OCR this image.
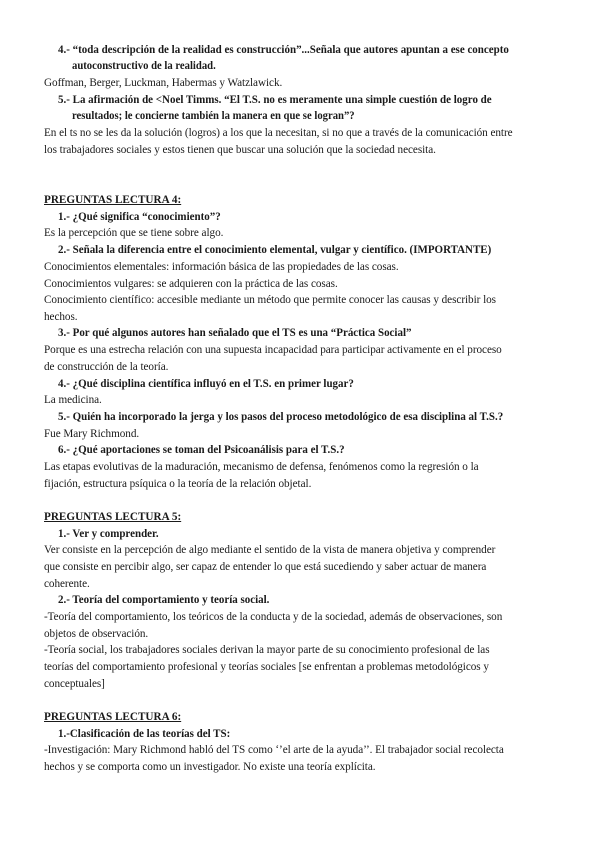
4.- “toda descripción de la realidad es construcción”...Señala que autores apuntan a ese concepto
autoconstructivo de la realidad.
Goffman, Berger, Luckman, Habermas y Watzlawick.
5.- La afirmación de <Noel Timms. “El T.S. no es meramente una simple cuestión de logro de
resultados; le concierne también la manera en que se logran”?
En el ts no se les da la solución (logros) a los que la necesitan, si no que a través de la comunicación entre
los trabajadores sociales y estos tienen que buscar una solución que la sociedad necesita.
PREGUNTAS LECTURA 4:
1.- ¿Qué significa “conocimiento”?
Es la percepción que se tiene sobre algo.
2.- Señala la diferencia entre el conocimiento elemental, vulgar y científico. (IMPORTANTE)
Conocimientos elementales: información básica de las propiedades de las cosas.
Conocimientos vulgares: se adquieren con la práctica de las cosas.
Conocimiento científico: accesible mediante un método que permite conocer las causas y describir los
hechos.
3.- Por qué algunos autores han señalado que el TS es una “Práctica Social”
Porque es una estrecha relación con una supuesta incapacidad para participar activamente en el proceso
de construcción de la teoría.
4.- ¿Qué disciplina científica influyó en el T.S. en primer lugar?
La medicina.
5.- Quién ha incorporado la jerga y los pasos del proceso metodológico de esa disciplina al T.S.?
Fue Mary Richmond.
6.- ¿Qué aportaciones se toman del Psicoanálisis para el T.S.?
Las etapas evolutivas de la maduración, mecanismo de defensa, fenómenos como la regresión o la
fijación, estructura psíquica o la teoría de la relación objetal.
PREGUNTAS LECTURA 5:
1.- Ver y comprender.
Ver consiste en la percepción de algo mediante el sentido de la vista de manera objetiva y comprender
que consiste en percibir algo, ser capaz de entender lo que está sucediendo y saber actuar de manera
coherente.
2.- Teoría del comportamiento y teoría social.
-Teoría del comportamiento, los teóricos de la conducta y de la sociedad, además de observaciones, son
objetos de observación.
-Teoría social, los trabajadores sociales derivan la mayor parte de su conocimiento profesional de las
teorías del comportamiento profesional y teorías sociales [se enfrentan a problemas metodológicos y
conceptuales]
PREGUNTAS LECTURA 6:
1.-Clasificación de las teorías del TS:
-Investigación: Mary Richmond habló del TS como ‘’el arte de la ayuda’’. El trabajador social recolecta
hechos y se comporta como un investigador. No existe una teoría explícita.
